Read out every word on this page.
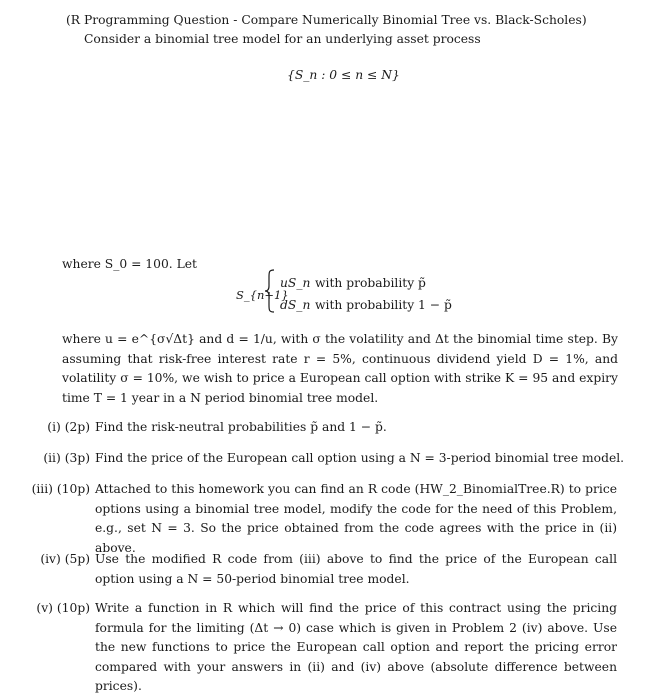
(R Programming Question - Compare Numerically Binomial Tree vs. Black-Scholes)
Consider a binomial tree model for an underlying asset process
{S_n : 0 ≤ n ≤ N}
where S_0 = 100. Let
S_{n+1}
uS_n with probability p̃
dS_n with probability 1 − p̃
where u = e^{σ√Δt} and d = 1/u, with σ the volatility and Δt the binomial time step. By assuming that risk-free interest rate r = 5%, continuous dividend yield D = 1%, and volatility σ = 10%, we wish to price a European call option with strike K = 95 and expiry time T = 1 year in a N period binomial tree model.
(i) (2p) Find the risk-neutral probabilities p̃ and 1 − p̃.
(ii) (3p) Find the price of the European call option using a N = 3-period binomial tree model.
(iii) (10p) Attached to this homework you can find an R code (HW_2_BinomialTree.R) to price options using a binomial tree model, modify the code for the need of this Problem, e.g., set N = 3. So the price obtained from the code agrees with the price in (ii) above.
(iv) (5p) Use the modified R code from (iii) above to find the price of the European call option using a N = 50-period binomial tree model.
(v) (10p) Write a function in R which will find the price of this contract using the pricing formula for the limiting (Δt → 0) case which is given in Problem 2 (iv) above. Use the new functions to price the European call option and report the pricing error compared with your answers in (ii) and (iv) above (absolute difference between prices).
